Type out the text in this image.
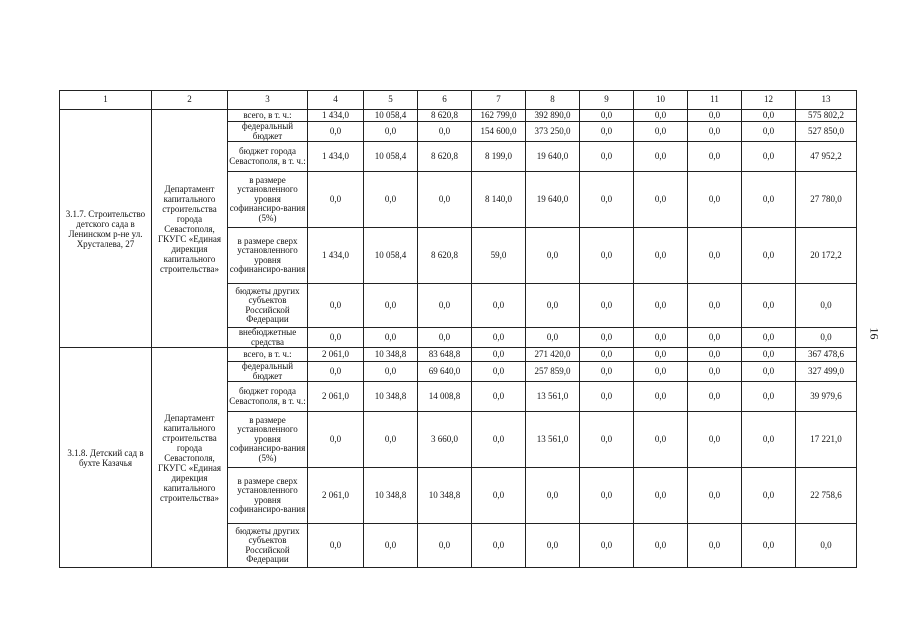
16
1	2	3	4	5	6	7	8	9	10	11	12	13
3.1.7. Строительство детского сада в Ленинском р-не ул. Хрусталева, 27	Департамент капитального строительства города Севастополя, ГКУГС «Единая дирекция капитального строительства»	всего, в т. ч.:	1 434,0	10 058,4	8 620,8	162 799,0	392 890,0	0,0	0,0	0,0	0,0	575 802,2
		федеральный бюджет	0,0	0,0	0,0	154 600,0	373 250,0	0,0	0,0	0,0	0,0	527 850,0
		бюджет города Севастополя, в т. ч.:	1 434,0	10 058,4	8 620,8	8 199,0	19 640,0	0,0	0,0	0,0	0,0	47 952,2
		в размере установленного уровня софинансиро-вания (5%)	0,0	0,0	0,0	8 140,0	19 640,0	0,0	0,0	0,0	0,0	27 780,0
		в размере сверх установленного уровня софинансиро-вания	1 434,0	10 058,4	8 620,8	59,0	0,0	0,0	0,0	0,0	0,0	20 172,2
		бюджеты других субъектов Российской Федерации	0,0	0,0	0,0	0,0	0,0	0,0	0,0	0,0	0,0	0,0
		внебюджетные средства	0,0	0,0	0,0	0,0	0,0	0,0	0,0	0,0	0,0	0,0
3.1.8. Детский сад в бухте Казачья	Департамент капитального строительства города Севастополя, ГКУГС «Единая дирекция капитального строительства»	всего, в т. ч.:	2 061,0	10 348,8	83 648,8	0,0	271 420,0	0,0	0,0	0,0	0,0	367 478,6
		федеральный бюджет	0,0	0,0	69 640,0	0,0	257 859,0	0,0	0,0	0,0	0,0	327 499,0
		бюджет города Севастополя, в т. ч.:	2 061,0	10 348,8	14 008,8	0,0	13 561,0	0,0	0,0	0,0	0,0	39 979,6
		в размере установленного уровня софинансиро-вания (5%)	0,0	0,0	3 660,0	0,0	13 561,0	0,0	0,0	0,0	0,0	17 221,0
		в размере сверх установленного уровня софинансиро-вания	2 061,0	10 348,8	10 348,8	0,0	0,0	0,0	0,0	0,0	0,0	22 758,6
		бюджеты других субъектов Российской Федерации	0,0	0,0	0,0	0,0	0,0	0,0	0,0	0,0	0,0	0,0
